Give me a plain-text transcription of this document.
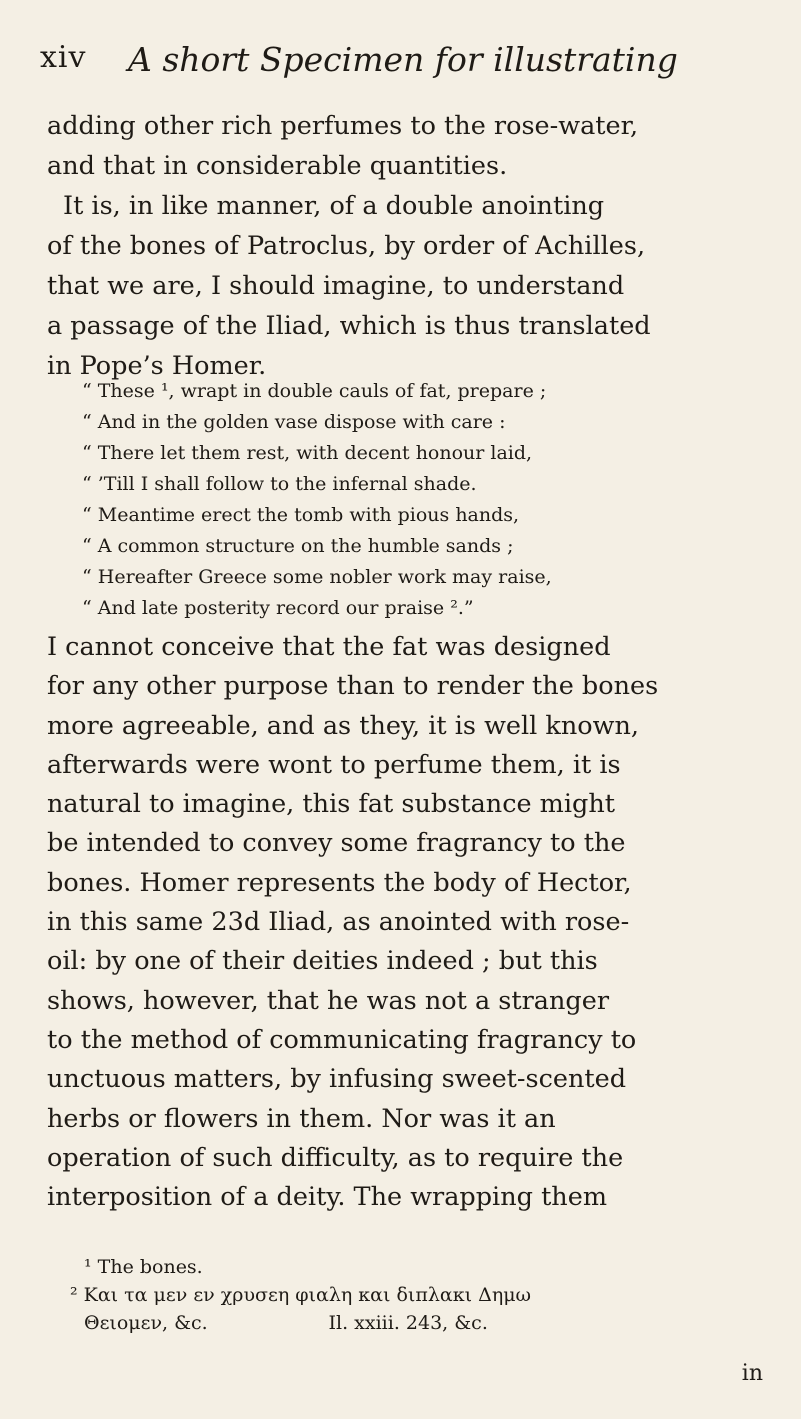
xiv A short Specimen for illustrating
adding other rich perfumes to the rose-water,
and that in considerable quantities.
It is, in like manner, of a double anointing
of the bones of Patroclus, by order of Achilles,
that we are, I should imagine, to understand
a passage of the Iliad, which is thus translated
in Pope’s Homer.
“ These ¹, wrapt in double cauls of fat, prepare ;
“ And in the golden vase dispose with care :
“ There let them rest, with decent honour laid,
“ ’Till I shall follow to the infernal shade.
“ Meantime erect the tomb with pious hands,
“ A common structure on the humble sands ;
“ Hereafter Greece some nobler work may raise,
“ And late posterity record our praise ².”
I cannot conceive that the fat was designed
for any other purpose than to render the bones
more agreeable, and as they, it is well known,
afterwards were wont to perfume them, it is
natural to imagine, this fat substance might
be intended to convey some fragrancy to the
bones. Homer represents the body of Hector,
in this same 23d Iliad, as anointed with rose-
oil: by one of their deities indeed ; but this
shows, however, that he was not a stranger
to the method of communicating fragrancy to
unctuous matters, by infusing sweet-scented
herbs or flowers in them. Nor was it an
operation of such difficulty, as to require the
interposition of a deity. The wrapping them
¹ The bones.
² Και τα μεν εν χρυσεη φιαλη και διπλακι Δημω
Θειομεν, &c.                    Il. xxiii. 243, &c.
in
